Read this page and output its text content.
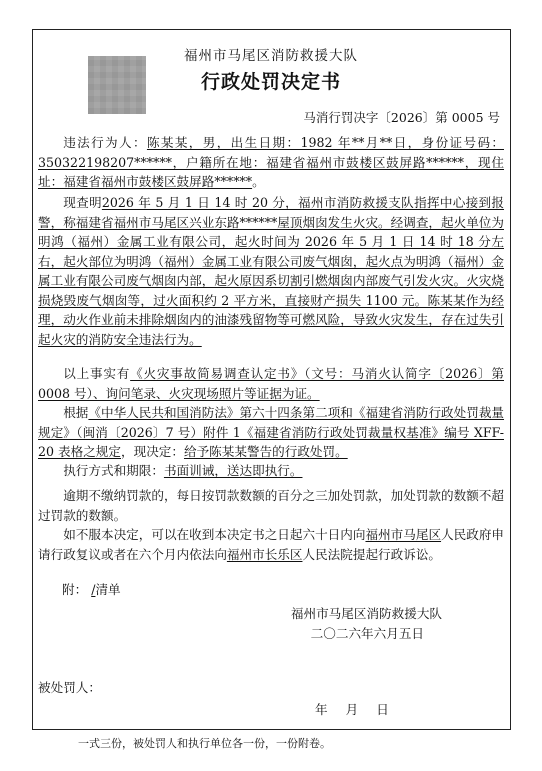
福州市马尾区消防救援大队
行政处罚决定书
马消行罚决字〔2026〕第 0005 号

违法行为人：陈某某，男，出生日期：1982 年**月**日，身份证号码：350322198207******，户籍所在地：福建省福州市鼓楼区鼓屏路******，现住址：福建省福州市鼓楼区鼓屏路******。

现查明2026 年 5 月 1 日 14 时 20 分，福州市消防救援支队指挥中心接到报警，称福建省福州市马尾区兴业东路******屋顶烟囱发生火灾。经调查，起火单位为明鸿（福州）金属工业有限公司，起火时间为 2026 年 5 月 1 日 14 时 18 分左右，起火部位为明鸿（福州）金属工业有限公司废气烟囱，起火点为明鸿（福州）金属工业有限公司废气烟囱内部，起火原因系切割引燃烟囱内部废气引发火灾。火灾烧损烧毁废气烟囱等，过火面积约 2 平方米，直接财产损失 1100 元。陈某某作为经理，动火作业前未排除烟囱内的油漆残留物等可燃风险，导致火灾发生，存在过失引起火灾的消防安全违法行为。

以上事实有《火灾事故简易调查认定书》（文号：马消火认简字〔2026〕第 0008 号）、询问笔录、火灾现场照片等证据为证。

根据《中华人民共和国消防法》第六十四条第二项和《福建省消防行政处罚裁量规定》（闽消〔2026〕7 号）附件 1《福建省消防行政处罚裁量权基准》编号 XFF-20 表格之规定，现决定：给予陈某某警告的行政处罚。

执行方式和期限：书面训诫，送达即执行。

逾期不缴纳罚款的，每日按罚款数额的百分之三加处罚款，加处罚款的数额不超过罚款的数额。

如不服本决定，可以在收到本决定书之日起六十日内向福州市马尾区人民政府申请行政复议或者在六个月内依法向福州市长乐区人民法院提起行政诉讼。

附： /清单

福州市马尾区消防救援大队
二〇二六年六月五日
被处罚人：
年 月 日
一式三份，被处罚人和执行单位各一份，一份附卷。
